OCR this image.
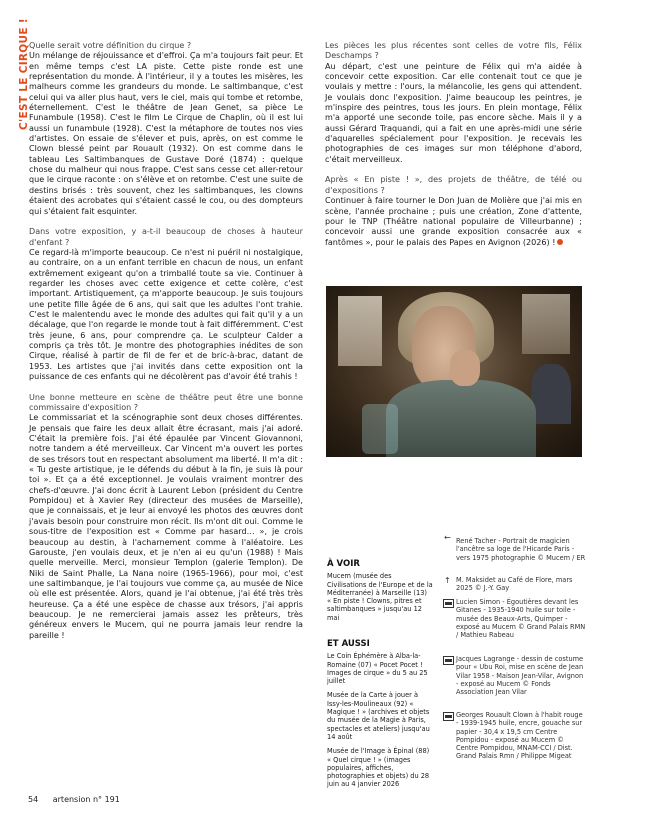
C'EST LE CIRQUE ! Quelle serait votre définition du cirque ?

Un mélange de réjouissance et d'effroi. Ça m'a toujours fait peur. Et en même temps c'est LA piste. Cette piste ronde est une représentation du monde. À l'intérieur, il y a toutes les misères, les malheurs comme les grandeurs du monde. Le saltimbanque, c'est celui qui va aller plus haut, vers le ciel, mais qui tombe et retombe, éternellement. C'est le théâtre de Jean Genet, sa pièce Le Funambule (1958). C'est le film Le Cirque de Chaplin, où il est lui aussi un funambule (1928). C'est la métaphore de toutes nos vies d'artistes. On essaie de s'élever et puis, après, on est comme le Clown blessé peint par Rouault (1932). On est comme dans le tableau Les Saltimbanques de Gustave Doré (1874) : quelque chose du malheur qui nous frappe. C'est sans cesse cet aller-retour que le cirque raconte : on s'élève et on retombe. C'est une suite de destins brisés : très souvent, chez les saltimbanques, les clowns étaient des acrobates qui s'étaient cassé le cou, ou des dompteurs qui s'étaient fait esquinter.

Dans votre exposition, y a-t-il beaucoup de choses à hauteur d'enfant ?

Ce regard-là m'importe beaucoup. Ce n'est ni puéril ni nostalgique, au contraire, on a un enfant terrible en chacun de nous, un enfant extrêmement exigeant qu'on a trimballé toute sa vie. Continuer à regarder les choses avec cette exigence et cette colère, c'est important. Artistiquement, ça m'apporte beaucoup. Je suis toujours une petite fille âgée de 6 ans, qui sait que les adultes l'ont trahie. C'est le malentendu avec le monde des adultes qui fait qu'il y a un décalage, que l'on regarde le monde tout à fait différemment. C'est très jeune, 6 ans, pour comprendre ça. Le sculpteur Calder a compris ça très tôt. Je montre des photographies inédites de son Cirque, réalisé à partir de fil de fer et de bric-à-brac, datant de 1953. Les artistes que j'ai invités dans cette exposition ont la puissance de ces enfants qui ne décolèrent pas d'avoir été trahis !

Une bonne metteure en scène de théâtre peut être une bonne commissaire d'exposition ?

Le commissariat et la scénographie sont deux choses différentes. Je pensais que faire les deux allait être écrasant, mais j'ai adoré. C'était la première fois. J'ai été épaulée par Vincent Giovannoni, notre tandem a été merveilleux. Car Vincent m'a ouvert les portes de ses trésors tout en respectant absolument ma liberté. Il m'a dit : « Tu geste artistique, je le défends du début à la fin, je suis là pour toi ». Et ça a été exceptionnel. Je voulais vraiment montrer des chefs-d'œuvre. J'ai donc écrit à Laurent Lebon (président du Centre Pompidou) et à Xavier Rey (directeur des musées de Marseille), que je connaissais, et je leur ai envoyé les photos des œuvres dont j'avais besoin pour construire mon récit. Ils m'ont dit oui. Comme le sous-titre de l'exposition est « Comme par hasard… », je crois beaucoup au destin, à l'acharnement comme à l'aléatoire. Les Garouste, j'en voulais deux, et je n'en ai eu qu'un (1988) ! Mais quelle merveille. Merci, monsieur Templon (galerie Templon). De Niki de Saint Phalle, La Nana noire (1965-1966), pour moi, c'est une saltimbanque, je l'ai toujours vue comme ça, au musée de Nice où elle est présentée. Alors, quand je l'ai obtenue, j'ai été très très heureuse. Ça a été une espèce de chasse aux trésors, j'ai appris beaucoup. Je ne remercierai jamais assez les prêteurs, très généreux envers le Mucem, qui ne pourra jamais leur rendre la pareille !

Les pièces les plus récentes sont celles de votre fils, Félix Deschamps ?

Au départ, c'est une peinture de Félix qui m'a aidée à concevoir cette exposition. Car elle contenait tout ce que je voulais y mettre : l'ours, la mélancolie, les gens qui attendent. Je voulais donc l'exposition. J'aime beaucoup les peintres, je m'inspire des peintres, tous les jours. En plein montage, Félix m'a apporté une seconde toile, pas encore sèche. Mais il y a aussi Gérard Traquandi, qui a fait en une après-midi une série d'aquarelles spécialement pour l'exposition. Je recevais les photographies de ces images sur mon téléphone d'abord, c'était merveilleux.

Après « En piste ! », des projets de théâtre, de télé ou d'expositions ?

Continuer à faire tourner le Don Juan de Molière que j'ai mis en scène, l'année prochaine ; puis une création, Zone d'attente, pour le TNP (Théâtre national populaire de Villeurbanne) ; concevoir aussi une grande exposition consacrée aux « fantômes », pour le palais des Papes en Avignon (2026) !

← René Tacher - Portrait de magicien l'ancêtre sa loge de l'Hicarde Paris - vers 1975 photographie © Mucem / ER
À VOIR

Mucem (musée des Civilisations de l'Europe et de la Méditerranée) à Marseille (13) « En piste ! Clowns, pitres et saltimbanques » jusqu'au 12 mai

ET AUSSI

Le Coin Éphémère à Alba-la-Romaine (07) « Pocet Pocet ! Images de cirque » du 5 au 25 juillet

Musée de la Carte à jouer à Issy-les-Moulineaux (92) « Magique ! » (archives et objets du musée de la Magie à Paris, spectacles et ateliers) jusqu'au 14 août

Musée de l'Image à Épinal (88) « Quel cirque ! » (images populaires, affiches, photographies et objets) du 28 juin au 4 janvier 2026

↑ M. Maksidet au Café de Flore, mars 2025 © J.-Y. Gay
Lucien Simon - Égoutières devant les Gitanes - 1935-1940 huile sur toile - musée des Beaux-Arts, Quimper - exposé au Mucem © Grand Palais RMN / Mathieu Rabeau
Jacques Lagrange - dessin de costume pour « Ubu Roi, mise en scène de Jean Vilar 1958 - Maison Jean-Vilar, Avignon - exposé au Mucem © Fonds Association Jean Vilar
Georges Rouault Clown à l'habit rouge - 1939-1945 huile, encre, gouache sur papier - 30,4 x 19,5 cm Centre Pompidou - exposé au Mucem © Centre Pompidou, MNAM-CCI / Dist. Grand Palais Rmn / Philippe Migeat
54 artension n° 191
